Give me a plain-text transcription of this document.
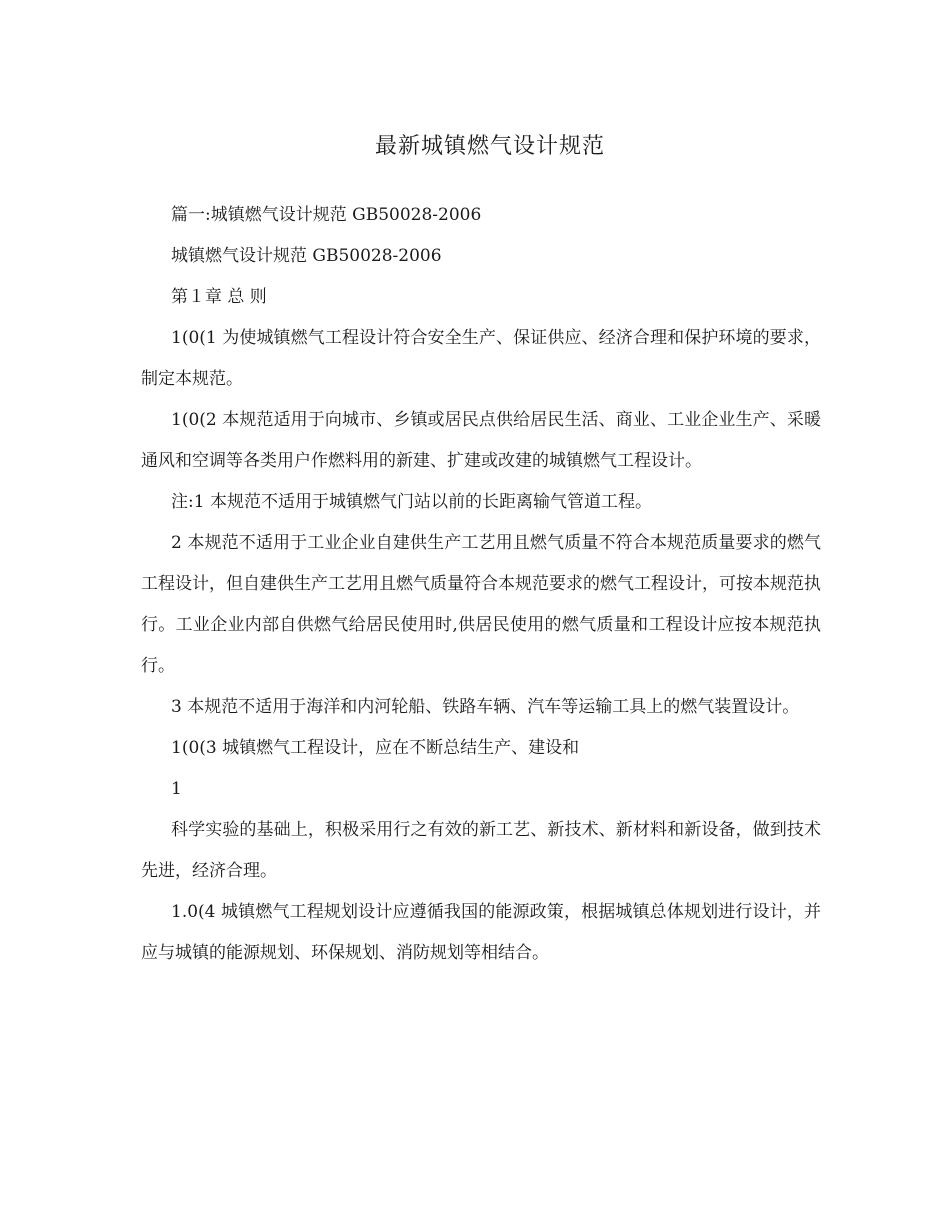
最新城镇燃气设计规范

篇一:城镇燃气设计规范 GB50028-2006

城镇燃气设计规范 GB50028-2006

第１章 总 则

1(0(1 为使城镇燃气工程设计符合安全生产、保证供应、经济合理和保护环境的要求，制定本规范。

1(0(2 本规范适用于向城市、乡镇或居民点供给居民生活、商业、工业企业生产、采暖通风和空调等各类用户作燃料用的新建、扩建或改建的城镇燃气工程设计。

注:1 本规范不适用于城镇燃气门站以前的长距离输气管道工程。

2 本规范不适用于工业企业自建供生产工艺用且燃气质量不符合本规范质量要求的燃气工程设计，但自建供生产工艺用且燃气质量符合本规范要求的燃气工程设计，可按本规范执行。工业企业内部自供燃气给居民使用时,供居民使用的燃气质量和工程设计应按本规范执行。

3 本规范不适用于海洋和内河轮船、铁路车辆、汽车等运输工具上的燃气装置设计。

1(0(3 城镇燃气工程设计，应在不断总结生产、建设和

1

科学实验的基础上，积极采用行之有效的新工艺、新技术、新材料和新设备，做到技术先进，经济合理。

1.0(4 城镇燃气工程规划设计应遵循我国的能源政策，根据城镇总体规划进行设计，并应与城镇的能源规划、环保规划、消防规划等相结合。
